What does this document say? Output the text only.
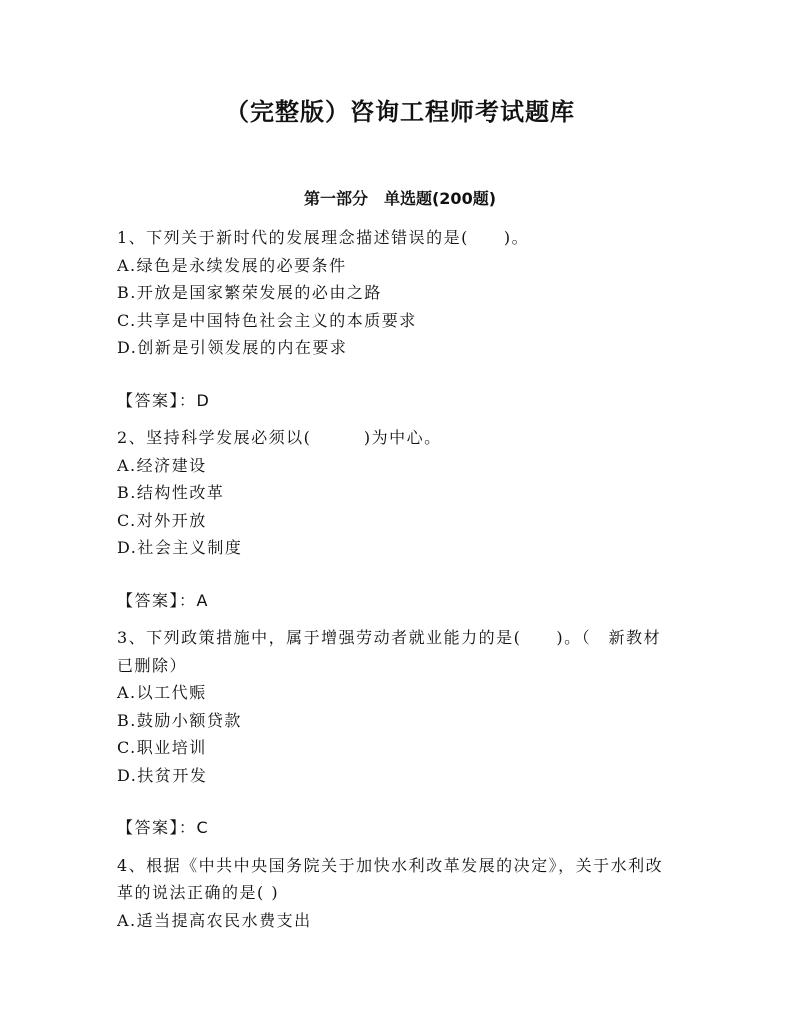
（完整版）咨询工程师考试题库
第一部分　单选题(200题)

1、下列关于新时代的发展理念描述错误的是(　　)。

A.绿色是永续发展的必要条件

B.开放是国家繁荣发展的必由之路

C.共享是中国特色社会主义的本质要求

D.创新是引领发展的内在要求

【答案】：D

2、坚持科学发展必须以(　　　)为中心。

A.经济建设

B.结构性改革

C.对外开放

D.社会主义制度

【答案】：A

3、下列政策措施中，属于增强劳动者就业能力的是(　　)。（　新教材已删除）

A.以工代赈

B.鼓励小额贷款

C.职业培训

D.扶贫开发

【答案】：C

4、根据《中共中央国务院关于加快水利改革发展的决定》，关于水利改革的说法正确的是( )

A.适当提高农民水费支出
